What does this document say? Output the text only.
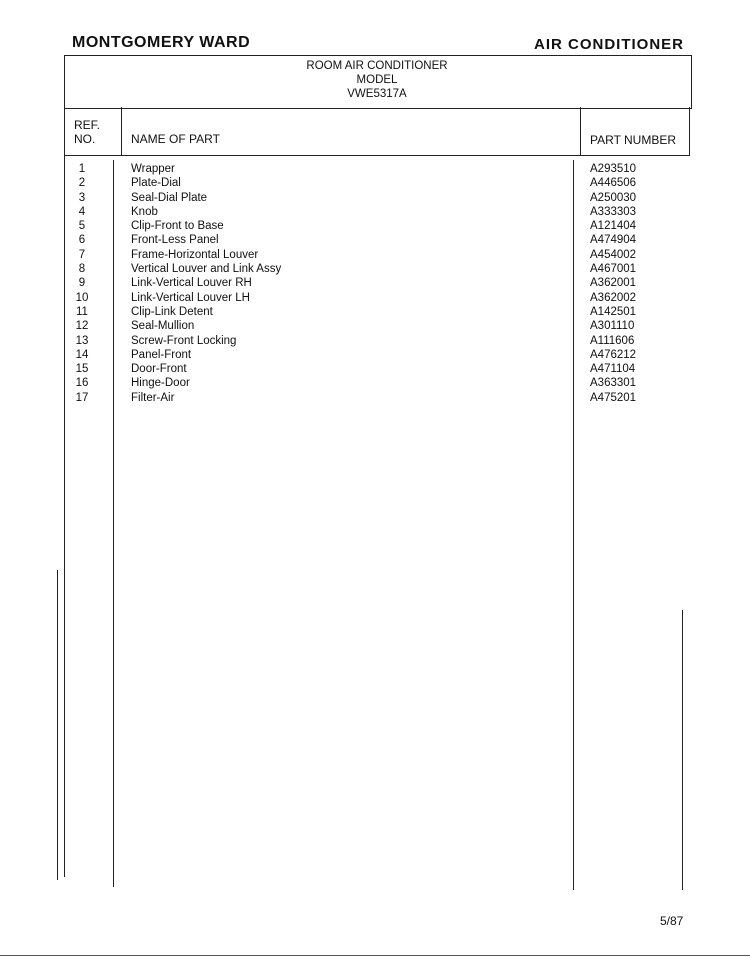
MONTGOMERY WARD	AIR CONDITIONER
ROOM AIR CONDITIONER
MODEL
VWE5317A
REF.
NO.	NAME OF PART	PART NUMBER
1	Wrapper	A293510
2	Plate-Dial	A446506
3	Seal-Dial Plate	A250030
4	Knob	A333303
5	Clip-Front to Base	A121404
6	Front-Less Panel	A474904
7	Frame-Horizontal Louver	A454002
8	Vertical Louver and Link Assy	A467001
9	Link-Vertical Louver RH	A362001
10	Link-Vertical Louver LH	A362002
11	Clip-Link Detent	A142501
12	Seal-Mullion	A301110
13	Screw-Front Locking	A111606
14	Panel-Front	A476212
15	Door-Front	A471104
16	Hinge-Door	A363301
17	Filter-Air	A475201
5/87
